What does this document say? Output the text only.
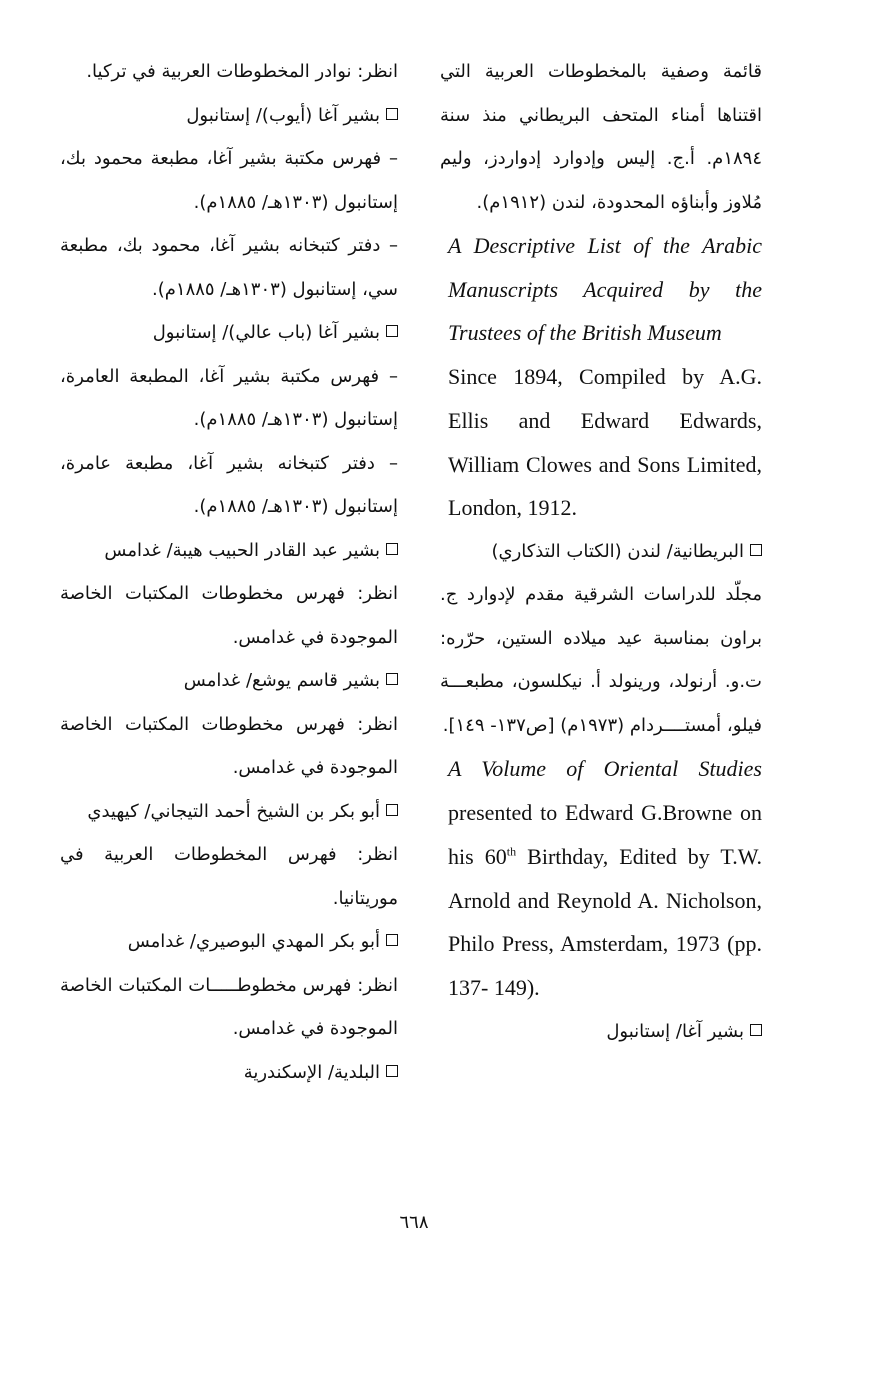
قائمة وصفية بالمخطوطات العربية التي اقتناها أمناء المتحف البريطاني منذ سنة ١٨٩٤م. أ.ج. إليس وإدوارد إدواردز، وليم مُلاوز وأبناؤه المحدودة، لندن (١٩١٢م).

A Descriptive List of the Arabic Manuscripts Acquired by the Trustees of the British Museum

Since 1894, Compiled by A.G. Ellis and Edward Edwards, William Clowes and Sons Limited, London, 1912.

البريطانية/ لندن (الكتاب التذكاري)

مجلّد للدراسات الشرقية مقدم لإدوارد ج. براون بمناسبة عيد ميلاده الستين، حرّره: ت.و. أرنولد، ورينولد أ. نيكلسون، مطبعـــة فيلو، أمستــــردام (١٩٧٣م) [ص١٣٧- ١٤٩].

A Volume of Oriental Studies presented to Edward G.Browne on his 60th Birthday, Edited by T.W. Arnold and Reynold A. Nicholson, Philo Press, Amsterdam, 1973 (pp. 137- 149).

بشير آغا/ إستانبول

انظر: نوادر المخطوطات العربية في تركيا.

بشير آغا (أيوب)/ إستانبول

– فهرس مكتبة بشير آغا، مطبعة محمود بك، إستانبول (١٣٠٣هـ/ ١٨٨٥م).

– دفتر كتبخانه بشير آغا، محمود بك، مطبعة سي، إستانبول (١٣٠٣هـ/ ١٨٨٥م).

بشير آغا (باب عالي)/ إستانبول

– فهرس مكتبة بشير آغا، المطبعة العامرة، إستانبول (١٣٠٣هـ/ ١٨٨٥م).

– دفتر كتبخانه بشير آغا، مطبعة عامرة، إستانبول (١٣٠٣هـ/ ١٨٨٥م).

بشير عبد القادر الحبيب هيبة/ غدامس

انظر: فهرس مخطوطات المكتبات الخاصة الموجودة في غدامس.

بشير قاسم يوشع/ غدامس

انظر: فهرس مخطوطات المكتبات الخاصة الموجودة في غدامس.

أبو بكر بن الشيخ أحمد التيجاني/ كيهيدي

انظر: فهرس المخطوطات العربية في موريتانيا.

أبو بكر المهدي البوصيري/ غدامس

انظر: فهرس مخطوطـــــات المكتبات الخاصة الموجودة في غدامس.

البلدية/ الإسكندرية

٦٦٨
